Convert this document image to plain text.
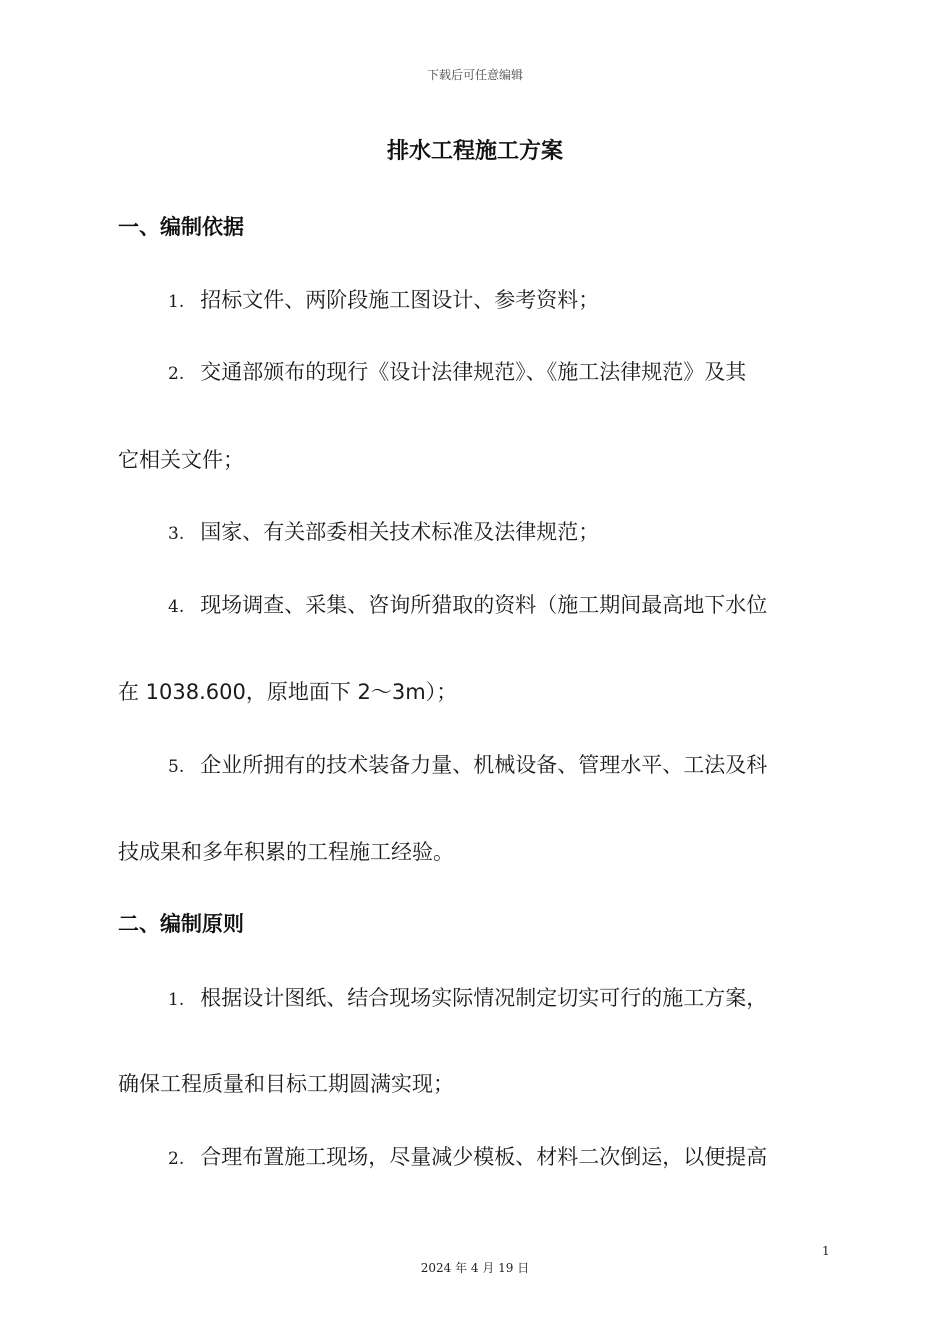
下载后可任意编辑
排水工程施工方案
一、编制依据
1. 招标文件、两阶段施工图设计、参考资料；
2. 交通部颁布的现行《设计法律规范》、《施工法律规范》及其
它相关文件；
3. 国家、有关部委相关技术标准及法律规范；
4. 现场调查、采集、咨询所猎取的资料（施工期间最高地下水位
在 1038.600，原地面下 2～3m）；
5. 企业所拥有的技术装备力量、机械设备、管理水平、工法及科
技成果和多年积累的工程施工经验。
二、编制原则
1. 根据设计图纸、结合现场实际情况制定切实可行的施工方案，
确保工程质量和目标工期圆满实现；
2. 合理布置施工现场，尽量减少模板、材料二次倒运，以便提高
1
2024 年 4 月 19 日
